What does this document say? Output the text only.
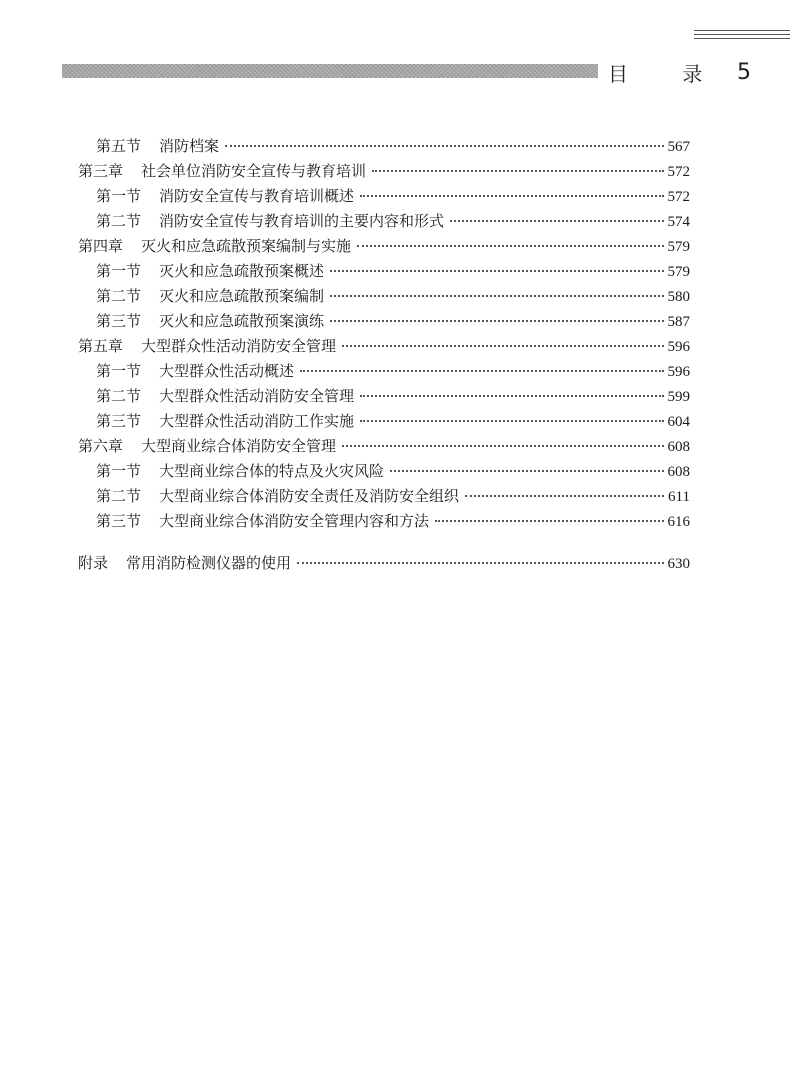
目 录 5
第五节 消防档案	567
第三章 社会单位消防安全宣传与教育培训	572
第一节 消防安全宣传与教育培训概述	572
第二节 消防安全宣传与教育培训的主要内容和形式	574
第四章 灭火和应急疏散预案编制与实施	579
第一节 灭火和应急疏散预案概述	579
第二节 灭火和应急疏散预案编制	580
第三节 灭火和应急疏散预案演练	587
第五章 大型群众性活动消防安全管理	596
第一节 大型群众性活动概述	596
第二节 大型群众性活动消防安全管理	599
第三节 大型群众性活动消防工作实施	604
第六章 大型商业综合体消防安全管理	608
第一节 大型商业综合体的特点及火灾风险	608
第二节 大型商业综合体消防安全责任及消防安全组织	611
第三节 大型商业综合体消防安全管理内容和方法	616
附录 常用消防检测仪器的使用	630
